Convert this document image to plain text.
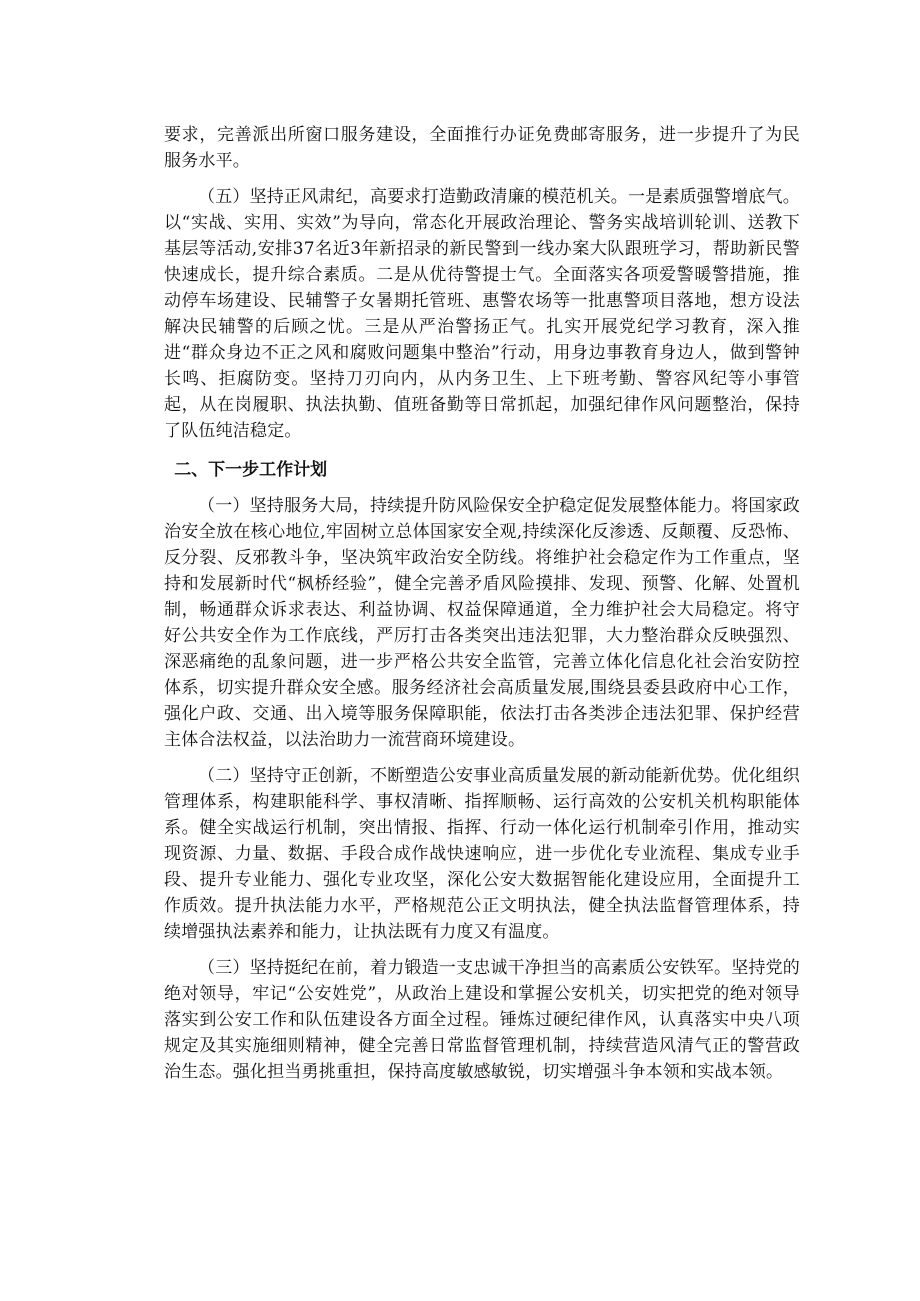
要求，完善派出所窗口服务建设，全面推行办证免费邮寄服务，进一步提升了为民服务水平。

（五）坚持正风肃纪，高要求打造勤政清廉的模范机关。一是素质强警增底气。以“实战、实用、实效”为导向，常态化开展政治理论、警务实战培训轮训、送教下基层等活动,安排37名近3年新招录的新民警到一线办案大队跟班学习，帮助新民警快速成长，提升综合素质。二是从优待警提士气。全面落实各项爱警暖警措施，推动停车场建设、民辅警子女暑期托管班、惠警农场等一批惠警项目落地，想方设法解决民辅警的后顾之忧。三是从严治警扬正气。扎实开展党纪学习教育，深入推进“群众身边不正之风和腐败问题集中整治”行动，用身边事教育身边人，做到警钟长鸣、拒腐防变。坚持刀刃向内，从内务卫生、上下班考勤、警容风纪等小事管起，从在岗履职、执法执勤、值班备勤等日常抓起，加强纪律作风问题整治，保持了队伍纯洁稳定。

二、下一步工作计划

（一）坚持服务大局，持续提升防风险保安全护稳定促发展整体能力。将国家政治安全放在核心地位,牢固树立总体国家安全观,持续深化反渗透、反颠覆、反恐怖、反分裂、反邪教斗争，坚决筑牢政治安全防线。将维护社会稳定作为工作重点，坚持和发展新时代“枫桥经验”，健全完善矛盾风险摸排、发现、预警、化解、处置机制，畅通群众诉求表达、利益协调、权益保障通道，全力维护社会大局稳定。将守好公共安全作为工作底线，严厉打击各类突出违法犯罪，大力整治群众反映强烈、深恶痛绝的乱象问题，进一步严格公共安全监管，完善立体化信息化社会治安防控体系，切实提升群众安全感。服务经济社会高质量发展,围绕县委县政府中心工作，强化户政、交通、出入境等服务保障职能，依法打击各类涉企违法犯罪、保护经营主体合法权益，以法治助力一流营商环境建设。

（二）坚持守正创新，不断塑造公安事业高质量发展的新动能新优势。优化组织管理体系，构建职能科学、事权清晰、指挥顺畅、运行高效的公安机关机构职能体系。健全实战运行机制，突出情报、指挥、行动一体化运行机制牵引作用，推动实现资源、力量、数据、手段合成作战快速响应，进一步优化专业流程、集成专业手段、提升专业能力、强化专业攻坚，深化公安大数据智能化建设应用，全面提升工作质效。提升执法能力水平，严格规范公正文明执法，健全执法监督管理体系，持续增强执法素养和能力，让执法既有力度又有温度。

（三）坚持挺纪在前，着力锻造一支忠诚干净担当的高素质公安铁军。坚持党的绝对领导，牢记“公安姓党”，从政治上建设和掌握公安机关，切实把党的绝对领导落实到公安工作和队伍建设各方面全过程。锤炼过硬纪律作风，认真落实中央八项规定及其实施细则精神，健全完善日常监督管理机制，持续营造风清气正的警营政治生态。强化担当勇挑重担，保持高度敏感敏锐，切实增强斗争本领和实战本领。
